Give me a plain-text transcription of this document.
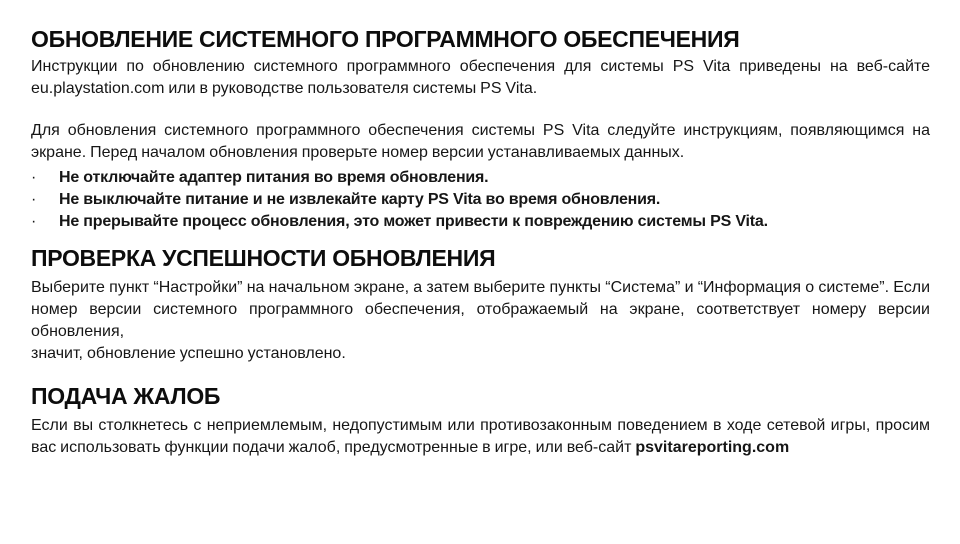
ОБНОВЛЕНИЕ СИСТЕМНОГО ПРОГРАММНОГО ОБЕСПЕЧЕНИЯ
Инструкции по обновлению системного программного обеспечения для системы PS Vita приведены на веб-сайте
eu.playstation.com или в руководстве пользователя системы PS Vita.
Для обновления системного программного обеспечения системы PS Vita следуйте инструкциям, появляющимся на
экране. Перед началом обновления проверьте номер версии устанавливаемых данных.
·	Не отключайте адаптер питания во время обновления.
·	Не выключайте питание и не извлекайте карту PS Vita во время обновления.
·	Не прерывайте процесс обновления, это может привести к повреждению системы PS Vita.
ПРОВЕРКА УСПЕШНОСТИ ОБНОВЛЕНИЯ
Выберите пункт “Настройки” на начальном экране, а затем выберите пункты “Система” и “Информация о системе”. Если
номер версии системного программного обеспечения, отображаемый на экране, соответствует номеру версии обновления,
значит, обновление успешно установлено.
ПОДАЧА ЖАЛОБ
Если вы столкнетесь с неприемлемым, недопустимым или противозаконным поведением в ходе сетевой игры, просим
вас использовать функции подачи жалоб, предусмотренные в игре, или веб-сайт psvitareporting.com
